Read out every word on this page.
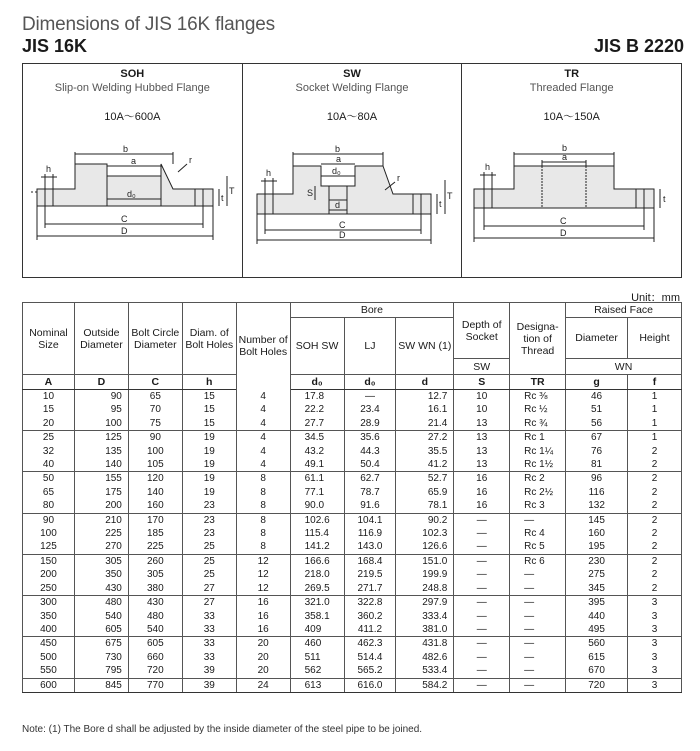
Dimensions of JIS 16K flanges
JIS 16K	JIS B 2220
SOH
Slip-on Welding Hubbed Flange
10A～600A
b
a
h
r
t
T
d₀
C
D
SW
Socket Welding Flange
10A～80A
b
a
d₀
h
S
r
t
T
d
C
D
TR
Threaded Flange
10A～150A
b
a
h
t
C
D
Unit：mm
Nominal Size	Outside Diameter	Bolt Circle Diameter	Diam. of Bolt Holes	Number of Bolt Holes	Bore			Depth of Socket	Designa- tion of Thread	Raised Face	
					SOH SW	LJ	SW WN (1)			Diameter	Height
								SW		WN	
A	D	C	h		d₀	d₀	d	S	TR	g	f
10	90	65	15	4	17.8	—	12.7	10	Rc ⅜	46	1
15	95	70	15	4	22.2	23.4	16.1	10	Rc ½	51	1
20	100	75	15	4	27.7	28.9	21.4	13	Rc ¾	56	1
25	125	90	19	4	34.5	35.6	27.2	13	Rc 1	67	1
32	135	100	19	4	43.2	44.3	35.5	13	Rc 1¼	76	2
40	140	105	19	4	49.1	50.4	41.2	13	Rc 1½	81	2
50	155	120	19	8	61.1	62.7	52.7	16	Rc 2	96	2
65	175	140	19	8	77.1	78.7	65.9	16	Rc 2½	116	2
80	200	160	23	8	90.0	91.6	78.1	16	Rc 3	132	2
90	210	170	23	8	102.6	104.1	90.2	—	—	145	2
100	225	185	23	8	115.4	116.9	102.3	—	Rc 4	160	2
125	270	225	25	8	141.2	143.0	126.6	—	Rc 5	195	2
150	305	260	25	12	166.6	168.4	151.0	—	Rc 6	230	2
200	350	305	25	12	218.0	219.5	199.9	—	—	275	2
250	430	380	27	12	269.5	271.7	248.8	—	—	345	2
300	480	430	27	16	321.0	322.8	297.9	—	—	395	3
350	540	480	33	16	358.1	360.2	333.4	—	—	440	3
400	605	540	33	16	409	411.2	381.0	—	—	495	3
450	675	605	33	20	460	462.3	431.8	—	—	560	3
500	730	660	33	20	511	514.4	482.6	—	—	615	3
550	795	720	39	20	562	565.2	533.4	—	—	670	3
600	845	770	39	24	613	616.0	584.2	—	—	720	3
Note: (1) The Bore d shall be adjusted by the inside diameter of the steel pipe to be joined.
